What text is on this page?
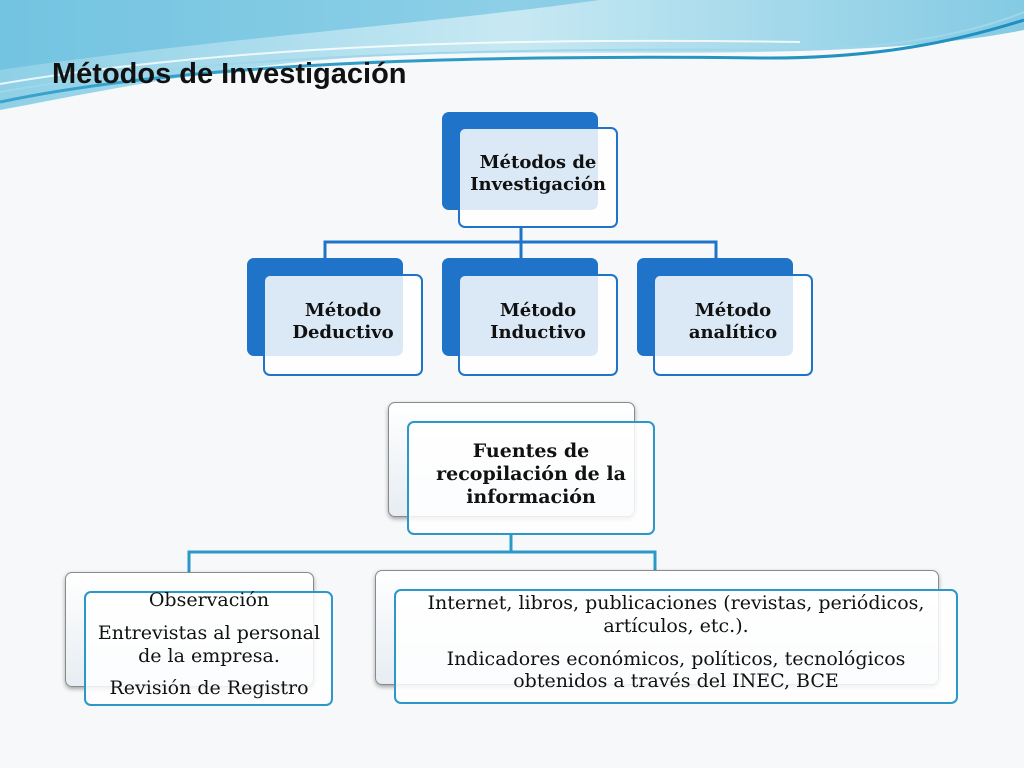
Métodos de Investigación
Métodos de
Investigación
Método
Deductivo
Método
Inductivo
Método
analítico
Fuentes de
recopilación de la
información
Observación
Entrevistas al personal
de la empresa.
Revisión de Registro
Internet, libros, publicaciones (revistas, periódicos,
artículos, etc.).
Indicadores económicos, políticos, tecnológicos
obtenidos a través del INEC, BCE
